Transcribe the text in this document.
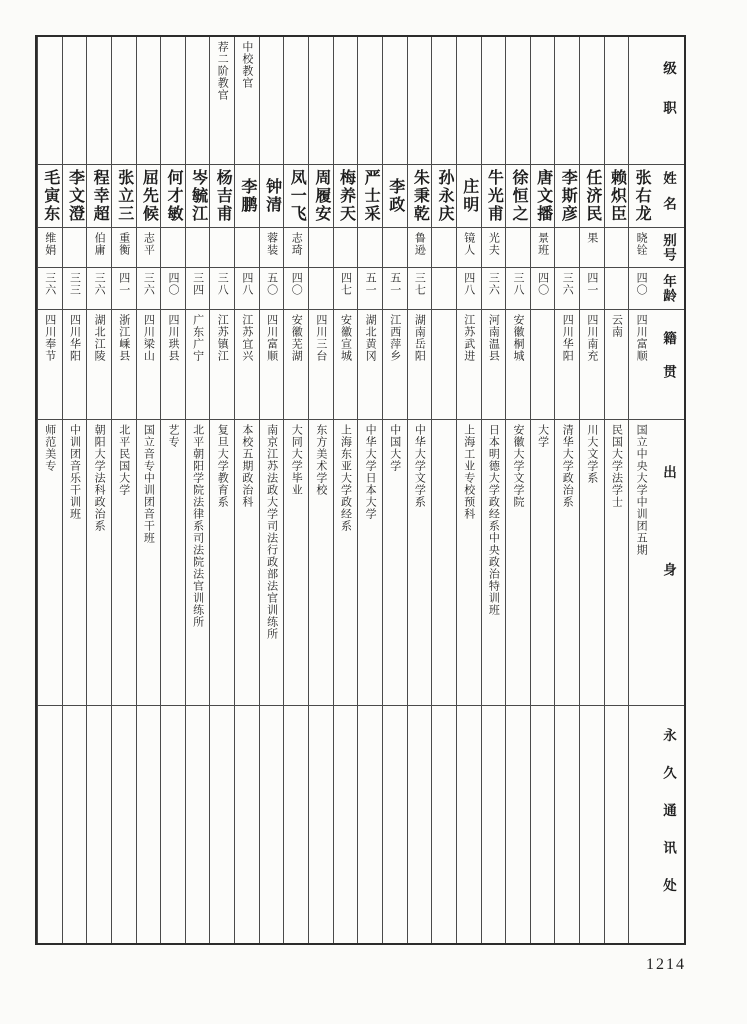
级职
姓名
别号
年龄
籍贯
出身
永久通讯处
张右龙
晓铨
四〇
四川富顺
国立中央大学中训团五期
赖炽臣
云南
民国大学法学士
任济民
果
四一
四川南充
川大文学系
李斯彦
三六
四川华阳
清华大学政治系
唐文播
景班
四〇
大学
徐恒之
三八
安徽桐城
安徽大学文学院
牛光甫
光夫
三六
河南温县
日本明德大学政经系中央政治特训班
庄明
镜人
四八
江苏武进
上海工业专校预科
孙永庆
朱秉乾
鲁逊
三七
湖南岳阳
中华大学文学系
李政
五一
江西萍乡
中国大学
严士采
五一
湖北黄冈
中华大学日本大学
梅养天
四七
安徽宣城
上海东亚大学政经系
周履安
四川三台
东方美术学校
凤一飞
志琦
四〇
安徽芜湖
大同大学毕业
钟清
蓉装
五〇
四川富顺
南京江苏法政大学司法行政部法官训练所
中校教官
李鹏
四八
江苏宜兴
本校五期政治科
荐二阶教官
杨吉甫
三八
江苏镇江
复旦大学教育系
岑毓江
三四
广东广宁
北平朝阳学院法律系司法院法官训练所
何才敏
四〇
四川珙县
艺专
屈先候
志平
三六
四川梁山
国立音专中训团音干班
张立三
重衡
四一
浙江嵊县
北平民国大学
程幸超
伯庸
三六
湖北江陵
朝阳大学法科政治系
李文澄
三三
四川华阳
中训团音乐干训班
毛寅东
维娟
三六
四川奉节
师范美专
1214
